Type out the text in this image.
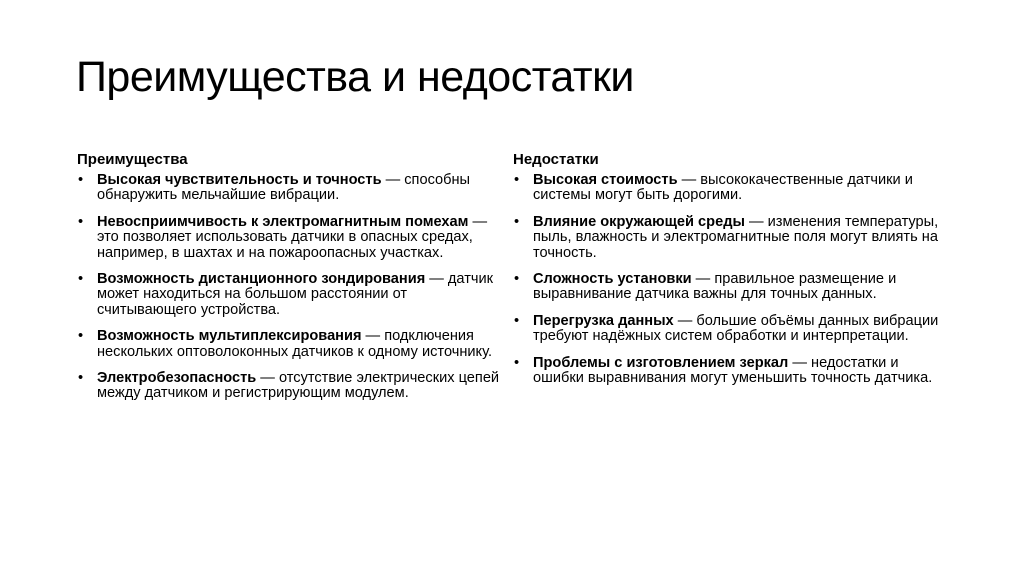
Преимущества и недостатки
Преимущества
• Высокая чувствительность и точность — способны обнаружить мельчайшие вибрации.
• Невосприимчивость к электромагнитным помехам — это позволяет использовать датчики в опасных средах, например, в шахтах и на пожароопасных участках.
• Возможность дистанционного зондирования — датчик может находиться на большом расстоянии от считывающего устройства.
• Возможность мультиплексирования — подключения нескольких оптоволоконных датчиков к одному источнику.
• Электробезопасность — отсутствие электрических цепей между датчиком и регистрирующим модулем.
Недостатки
• Высокая стоимость — высококачественные датчики и системы могут быть дорогими.
• Влияние окружающей среды — изменения температуры, пыль, влажность и электромагнитные поля могут влиять на точность.
• Сложность установки — правильное размещение и выравнивание датчика важны для точных данных.
• Перегрузка данных — большие объёмы данных вибрации требуют надёжных систем обработки и интерпретации.
• Проблемы с изготовлением зеркал — недостатки и ошибки выравнивания могут уменьшить точность датчика.
